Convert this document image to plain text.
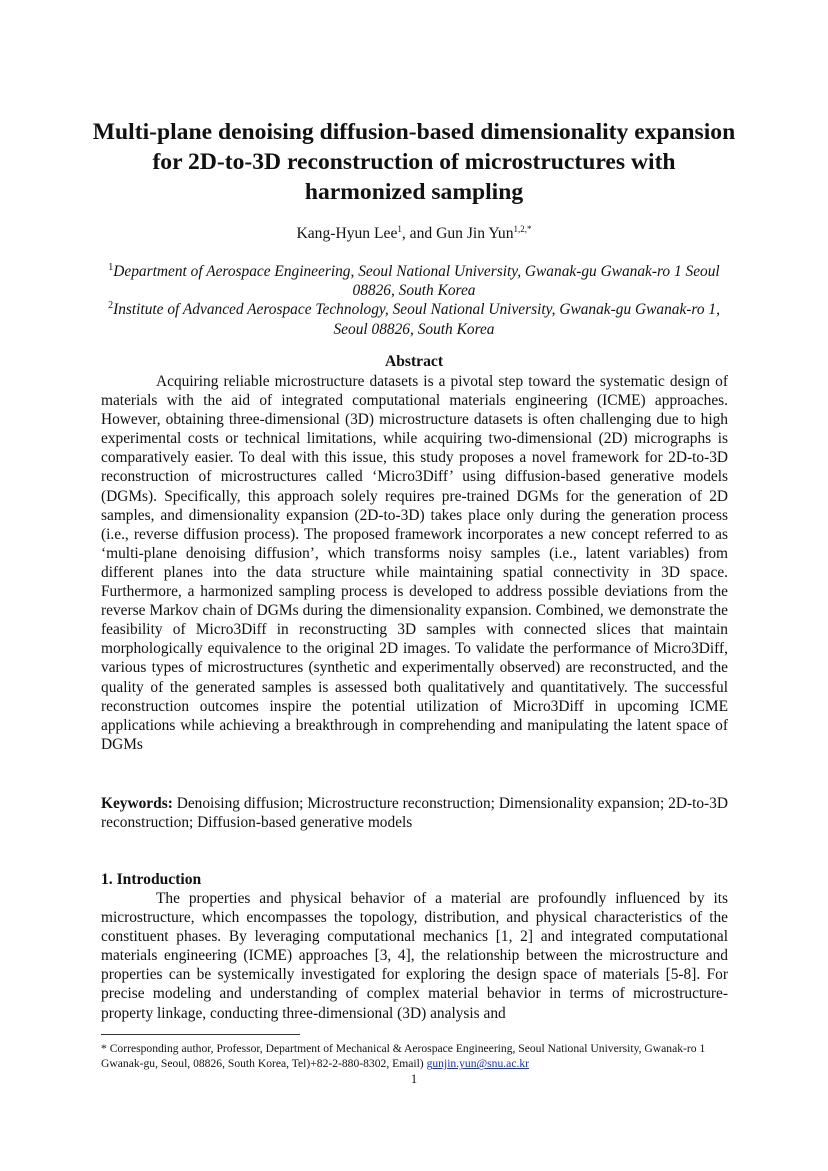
Multi-plane denoising diffusion-based dimensionality expansion for 2D-to-3D reconstruction of microstructures with harmonized sampling
Kang-Hyun Lee$^1$, and Gun Jin Yun$^{1,2,*}$
$^1$Department of Aerospace Engineering, Seoul National University, Gwanak-gu Gwanak-ro 1 Seoul 08826, South Korea
$^2$Institute of Advanced Aerospace Technology, Seoul National University, Gwanak-gu Gwanak-ro 1, Seoul 08826, South Korea
Abstract
Acquiring reliable microstructure datasets is a pivotal step toward the systematic design of materials with the aid of integrated computational materials engineering (ICME) approaches. However, obtaining three-dimensional (3D) microstructure datasets is often challenging due to high experimental costs or technical limitations, while acquiring two-dimensional (2D) micrographs is comparatively easier. To deal with this issue, this study proposes a novel framework for 2D-to-3D reconstruction of microstructures called ‘Micro3Diff’ using diffusion-based generative models (DGMs). Specifically, this approach solely requires pre-trained DGMs for the generation of 2D samples, and dimensionality expansion (2D-to-3D) takes place only during the generation process (i.e., reverse diffusion process). The proposed framework incorporates a new concept referred to as ‘multi-plane denoising diffusion’, which transforms noisy samples (i.e., latent variables) from different planes into the data structure while maintaining spatial connectivity in 3D space. Furthermore, a harmonized sampling process is developed to address possible deviations from the reverse Markov chain of DGMs during the dimensionality expansion. Combined, we demonstrate the feasibility of Micro3Diff in reconstructing 3D samples with connected slices that maintain morphologically equivalence to the original 2D images. To validate the performance of Micro3Diff, various types of microstructures (synthetic and experimentally observed) are reconstructed, and the quality of the generated samples is assessed both qualitatively and quantitatively. The successful reconstruction outcomes inspire the potential utilization of Micro3Diff in upcoming ICME applications while achieving a breakthrough in comprehending and manipulating the latent space of DGMs
Keywords: Denoising diffusion; Microstructure reconstruction; Dimensionality expansion; 2D-to-3D reconstruction; Diffusion-based generative models
1. Introduction
The properties and physical behavior of a material are profoundly influenced by its microstructure, which encompasses the topology, distribution, and physical characteristics of the constituent phases. By leveraging computational mechanics [1, 2] and integrated computational materials engineering (ICME) approaches [3, 4], the relationship between the microstructure and properties can be systemically investigated for exploring the design space of materials [5-8]. For precise modeling and understanding of complex material behavior in terms of microstructure-property linkage, conducting three-dimensional (3D) analysis and
* Corresponding author, Professor, Department of Mechanical & Aerospace Engineering, Seoul National University, Gwanak-ro 1 Gwanak-gu, Seoul, 08826, South Korea, Tel)+82-2-880-8302, Email) gunjin.yun@snu.ac.kr
1
